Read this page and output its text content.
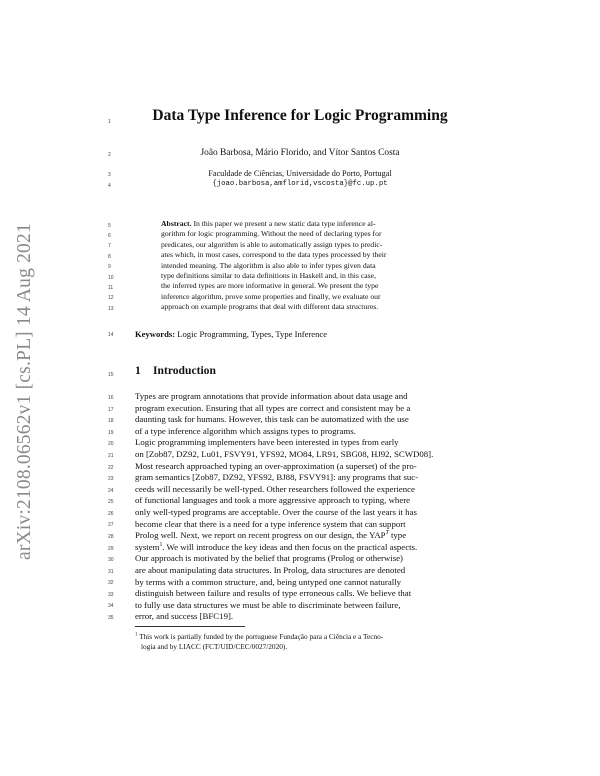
arXiv:2108.06562v1 [cs.PL] 14 Aug 2021
1
2
3
4
5
6
7
8
9
10
11
12
13
14
15
16
17
18
19
20
21
22
23
24
25
26
27
28
29
30
31
32
33
34
35
Data Type Inference for Logic Programming
João Barbosa, Mário Florido, and Vítor Santos Costa
Faculdade de Ciências, Universidade do Porto, Portugal
{joao.barbosa,amflorid,vscosta}@fc.up.pt
Abstract. In this paper we present a new static data type inference al-
gorithm for logic programming. Without the need of declaring types for
predicates, our algorithm is able to automatically assign types to predic-
ates which, in most cases, correspond to the data types processed by their
intended meaning. The algorithm is also able to infer types given data
type definitions similar to data definitions in Haskell and, in this case,
the inferred types are more informative in general. We present the type
inference algorithm, prove some properties and finally, we evaluate our
approach on example programs that deal with different data structures.
Keywords: Logic Programming, Types, Type Inference
1 Introduction
Types are program annotations that provide information about data usage and
program execution. Ensuring that all types are correct and consistent may be a
daunting task for humans. However, this task can be automatized with the use
of a type inference algorithm which assigns types to programs.
Logic programming implementers have been interested in types from early
on [Zob87, DZ92, Lu01, FSVY91, YFS92, MO84, LR91, SBG08, HJ92, SCWD08].
Most research approached typing an over-approximation (a superset) of the pro-
gram semantics [Zob87, DZ92, YFS92, BJ88, FSVY91]: any programs that suc-
ceeds will necessarily be well-typed. Other researchers followed the experience
of functional languages and took a more aggressive approach to typing, where
only well-typed programs are acceptable. Over the course of the last years it has
become clear that there is a need for a type inference system that can support
Prolog well. Next, we report on recent progress on our design, the $YAP^T$ type
system$^1$. We will introduce the key ideas and then focus on the practical aspects.
Our approach is motivated by the belief that programs (Prolog or otherwise)
are about manipulating data structures. In Prolog, data structures are denoted
by terms with a common structure, and, being untyped one cannot naturally
distinguish between failure and results of type erroneous calls. We believe that
to fully use data structures we must be able to discriminate between failure,
error, and success [BFC19].
$^1$ This work is partially funded by the portuguese Fundação para a Ciência e a Tecno-
logia and by LIACC (FCT/UID/CEC/0027/2020).
